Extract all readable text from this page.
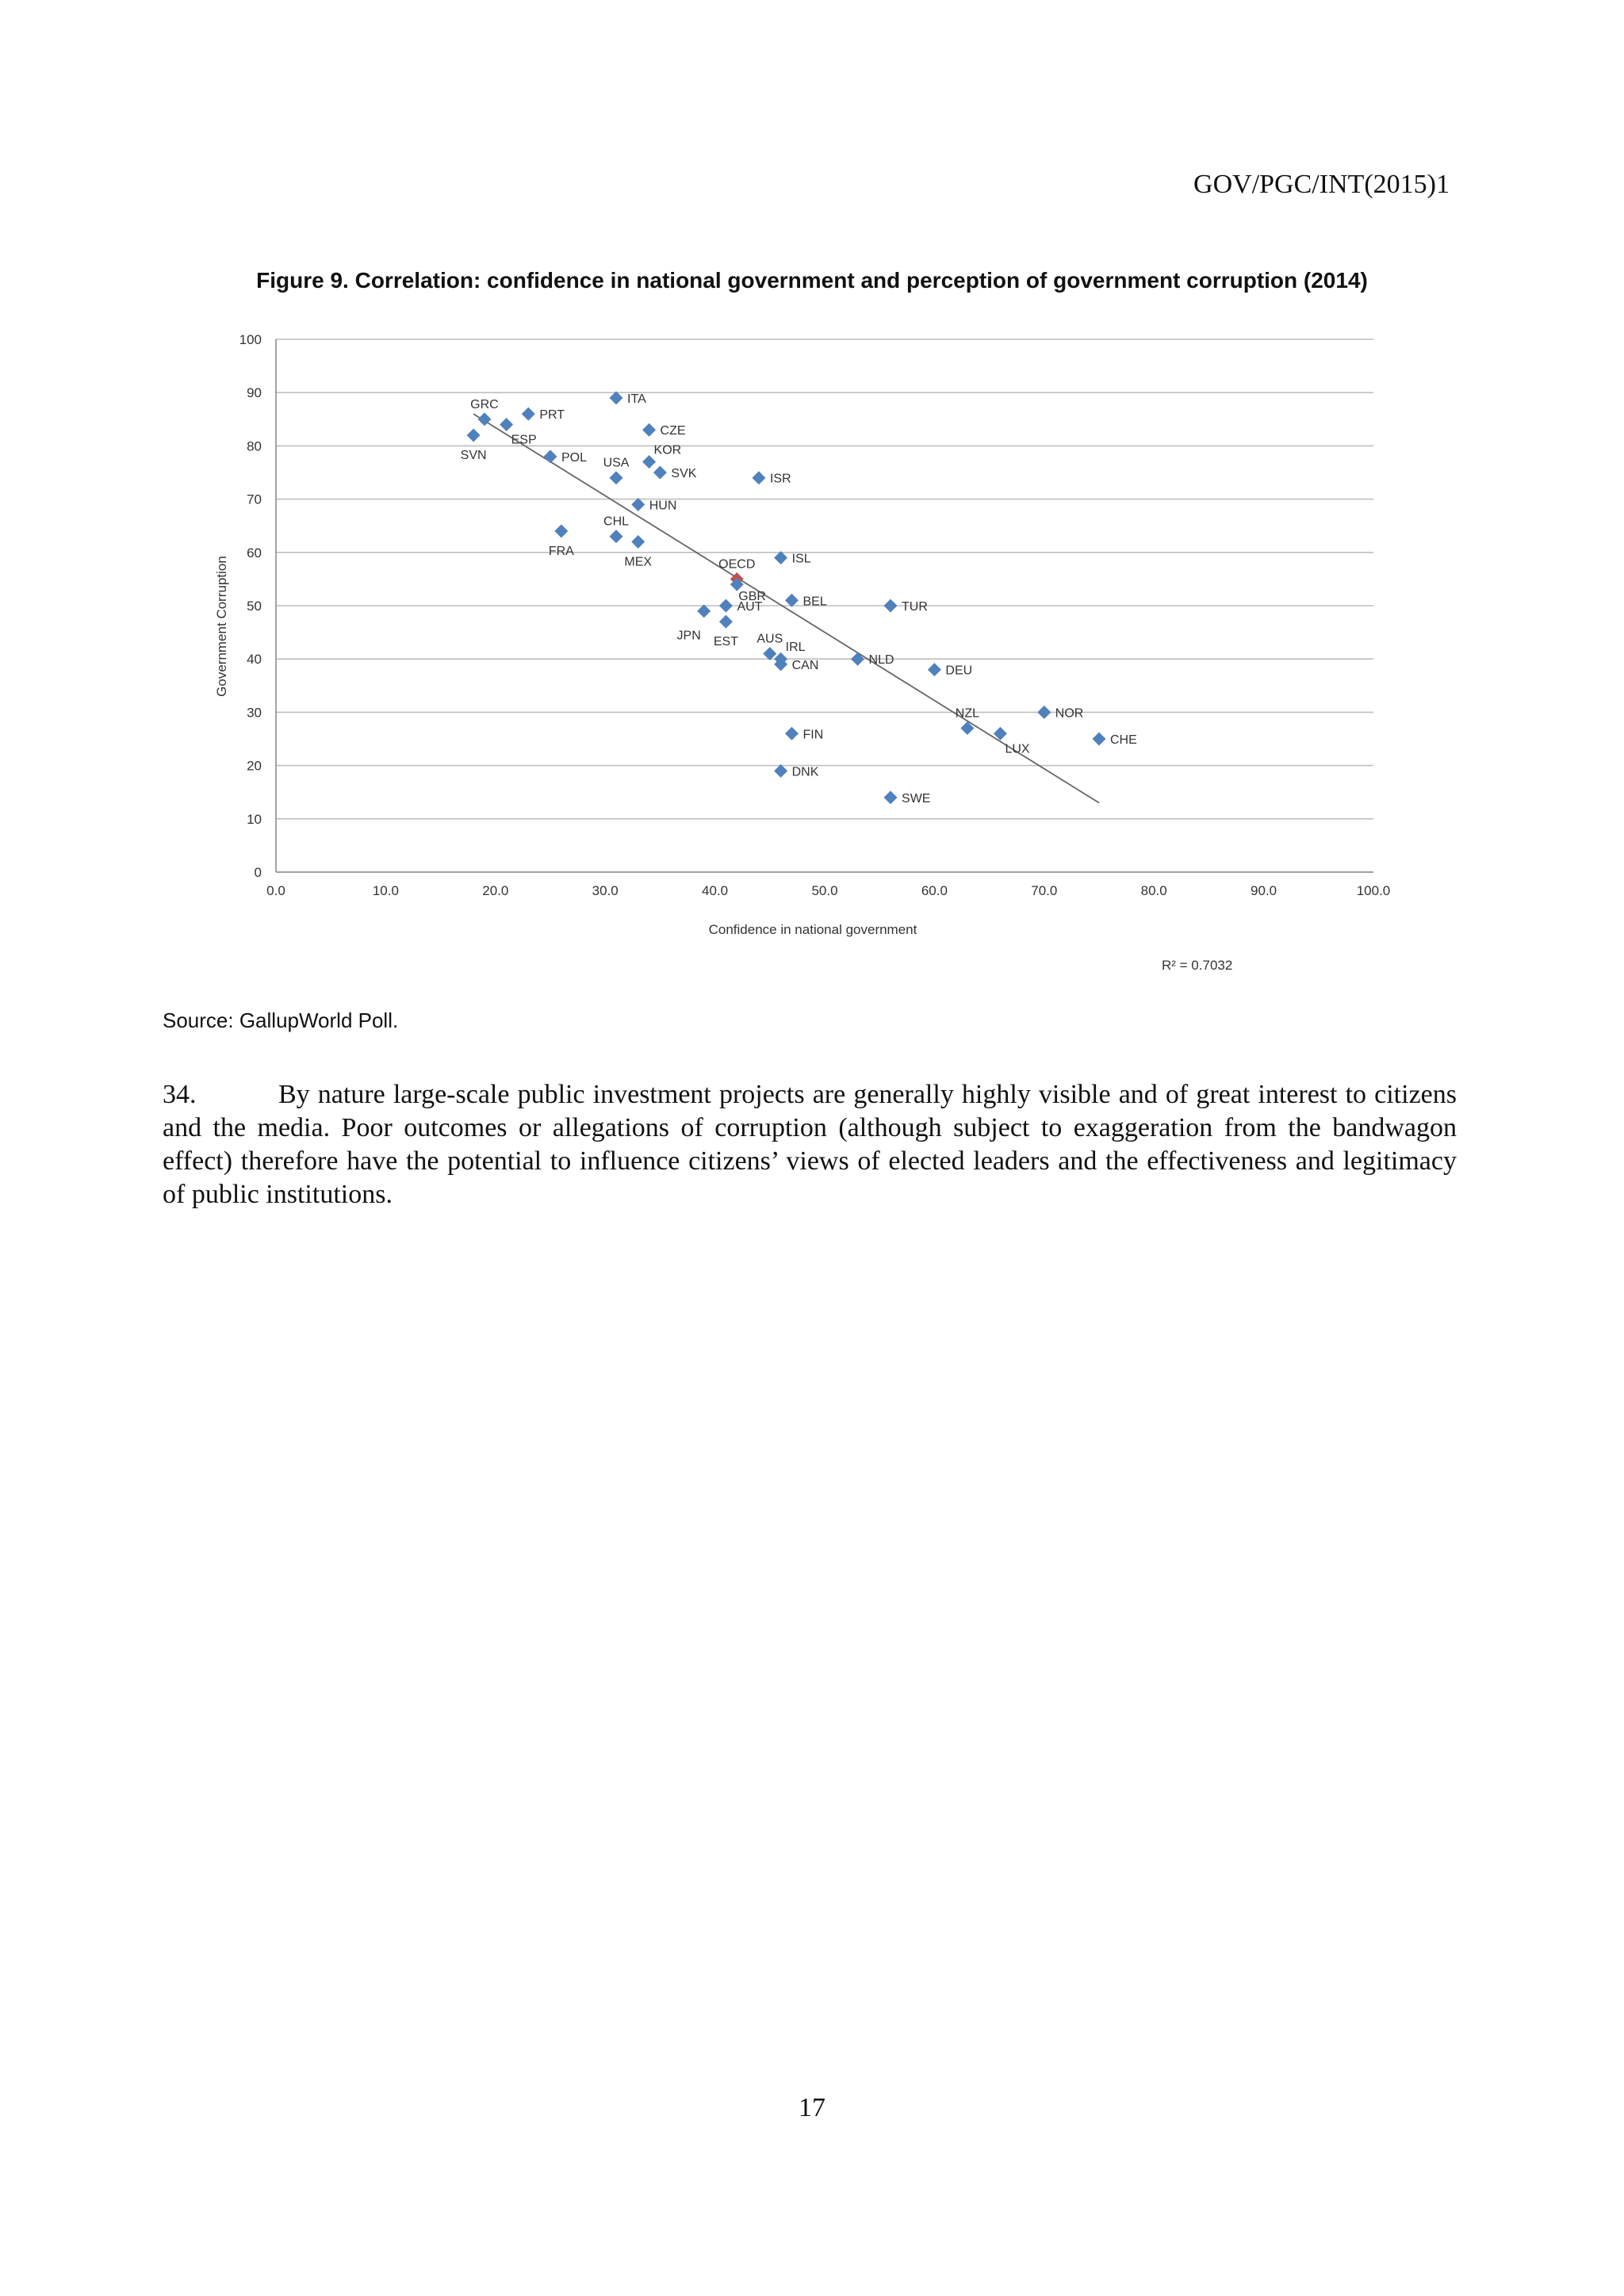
GOV/PGC/INT(2015)1
Figure 9. Correlation: confidence in national government and perception of government corruption (2014)
0
10
20
30
40
50
60
70
80
90
100
0.0	10.0	20.0	30.0	40.0	50.0	60.0	70.0	80.0	90.0	100.0
GRC
PRT
ESP
SVN	POL
ITA
CZE
KOR
SVK
USA
ISR
HUN
FRA
CHL
MEX	ISL
OECD
GBR
AUT	BEL	TUR
JPN EST AUS
IRL
CAN	NLD
DEU
NOR
NZL
LUX
CHE
FIN
DNK
SWE
Confidence in national government
Government Corruption
R² = 0.7032
Source: GallupWorld Poll.

34.	By nature large-scale public investment projects are generally highly visible and of great interest to citizens and the media. Poor outcomes or allegations of corruption (although subject to exaggeration from the bandwagon effect) therefore have the potential to influence citizens’ views of elected leaders and the effectiveness and legitimacy of public institutions.

17
